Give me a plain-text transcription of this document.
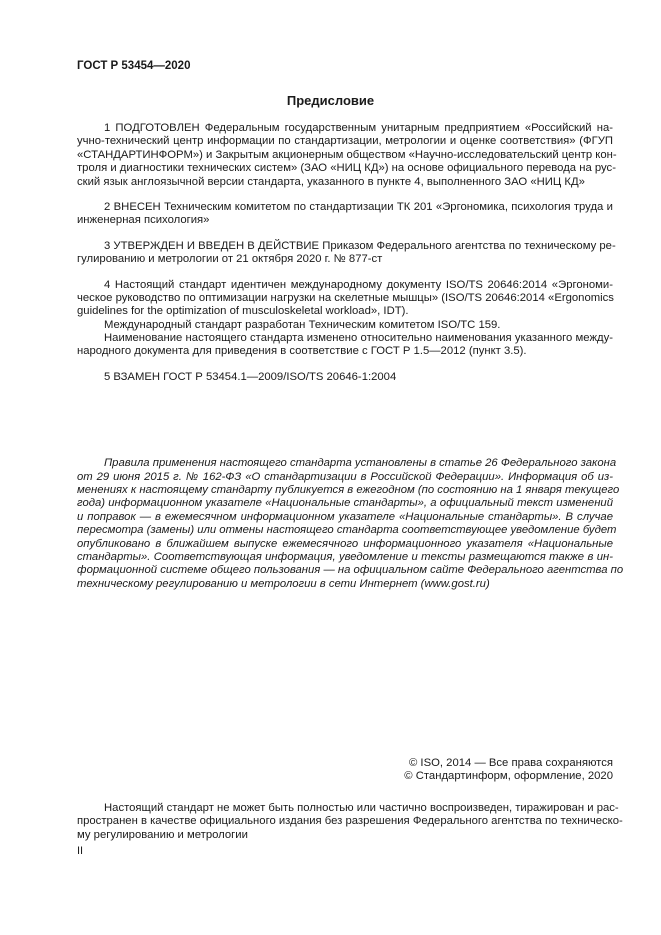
ГОСТ Р 53454—2020
Предисловие
1 ПОДГОТОВЛЕН Федеральным государственным унитарным предприятием «Российский на-
учно-технический центр информации по стандартизации, метрологии и оценке соответствия» (ФГУП
«СТАНДАРТИНФОРМ») и Закрытым акционерным обществом «Научно-исследовательский центр кон-
троля и диагностики технических систем» (ЗАО «НИЦ КД») на основе официального перевода на рус-
ский язык англоязычной версии стандарта, указанного в пункте 4, выполненного ЗАО «НИЦ КД»
2 ВНЕСЕН Техническим комитетом по стандартизации ТК 201 «Эргономика, психология труда и
инженерная психология»
3 УТВЕРЖДЕН И ВВЕДЕН В ДЕЙСТВИЕ Приказом Федерального агентства по техническому ре-
гулированию и метрологии от 21 октября 2020 г. № 877-ст
4 Настоящий стандарт идентичен международному документу ISO/TS 20646:2014 «Эргономи-
ческое руководство по оптимизации нагрузки на скелетные мышцы» (ISO/TS 20646:2014 «Ergonomics
guidelines for the optimization of musculoskeletal workload», IDT).
Международный стандарт разработан Техническим комитетом ISO/TC 159.
Наименование настоящего стандарта изменено относительно наименования указанного между-
народного документа для приведения в соответствие с ГОСТ Р 1.5—2012 (пункт 3.5).
5 ВЗАМЕН ГОСТ Р 53454.1—2009/ISO/TS 20646-1:2004
Правила применения настоящего стандарта установлены в статье 26 Федерального закона
от 29 июня 2015 г. № 162-ФЗ «О стандартизации в Российской Федерации». Информация об из-
менениях к настоящему стандарту публикуется в ежегодном (по состоянию на 1 января текущего
года) информационном указателе «Национальные стандарты», а официальный текст изменений
и поправок — в ежемесячном информационном указателе «Национальные стандарты». В случае
пересмотра (замены) или отмены настоящего стандарта соответствующее уведомление будет
опубликовано в ближайшем выпуске ежемесячного информационного указателя «Национальные
стандарты». Соответствующая информация, уведомление и тексты размещаются также в ин-
формационной системе общего пользования — на официальном сайте Федерального агентства по
техническому регулированию и метрологии в сети Интернет (www.gost.ru)
© ISO, 2014 — Все права сохраняются
© Стандартинформ, оформление, 2020
Настоящий стандарт не может быть полностью или частично воспроизведен, тиражирован и рас-
пространен в качестве официального издания без разрешения Федерального агентства по техническо-
му регулированию и метрологии
II
